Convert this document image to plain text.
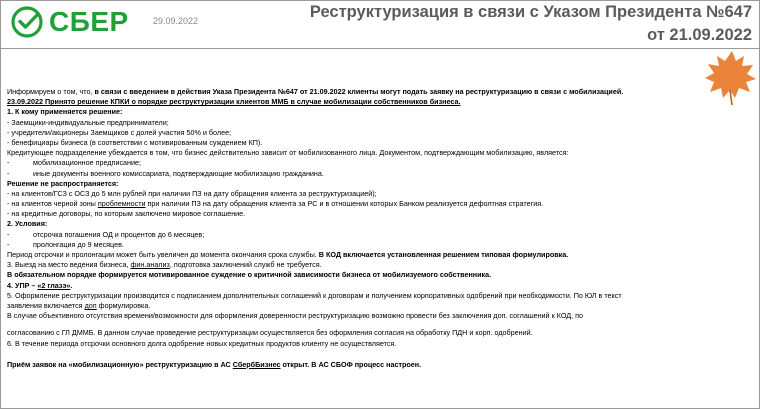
СБЕР	29.09.2022	Реструктуризация в связи с Указом Президента №647
от 21.09.2022
Информируем о том, что, в связи с введением в действия Указа Президента №647 от 21.09.2022 клиенты могут подать заявку на реструктуризацию в связи с мобилизацией.
23.09.2022 Принято решение КПКИ о порядке реструктуризации клиентов ММБ в случае мобилизации собственников бизнеса.
1. К кому применяется решение:
- Заемщики-индивидуальные предприниматели;
- учредители/акционеры Заемщиков с долей участия 50% и более;
- бенефициары бизнеса (в соответствии с мотивированным суждением КП).
Кредитующее подразделение убеждается в том, что бизнес действительно зависит от мобилизованного лица. Документом, подтверждающим мобилизацию, является:
-	мобилизационное предписание;
-	иные документы военного комиссариата, подтверждающие мобилизацию гражданина.
Решение не распространяется:
- на клиентов/ГСЗ с ОСЗ до 5 млн рублей при наличии ПЗ на дату обращения клиента за реструктуризацией);
- на клиентов черной зоны проблемности при наличии ПЗ на дату обращения клиента за РС и в отношении которых Банком реализуется дефолтная стратегия.
- на кредитные договоры, по которым заключено мировое соглашение.
2. Условия:
-	отсрочка погашения ОД и процентов до 6 месяцев;
-	пролонгация до 9 месяцев.
Период отсрочки и пролонгации может быть увеличен до момента окончания срока службы. В КОД включается установленная решением типовая формулировка.
3. Выезд на место ведения бизнеса, фин.анализ, подготовка заключений служб не требуется.
В обязательном порядке формируется мотивированное суждение о критичной зависимости бизнеса от мобилизуемого собственника.
4. УПР – «2 глазэ».
5. Оформление реструктуризации производится с подписанием дополнительных соглашений к договорам и получением корпоративных одобрений при необходимости. По ЮЛ в текст
заявления включается доп формулировка.
В случае объективного отсутствия времени/возможности для оформления доверенности реструктуризацию возможно провести без заключения доп. соглашений к КОД, по
согласованию с ГЛ ДММБ. В данном случае проведение реструктуризации осуществляется без оформления согласия на обработку ПДН и корп. одобрений.
6. В течение периода отсрочки основного долга одобрение новых кредитных продуктов клиенту не осуществляется.
Приём заявок на «мобилизационную» реструктуризацию в АС СбербБизнес открыт. В АС СБОФ процесс настроен.
